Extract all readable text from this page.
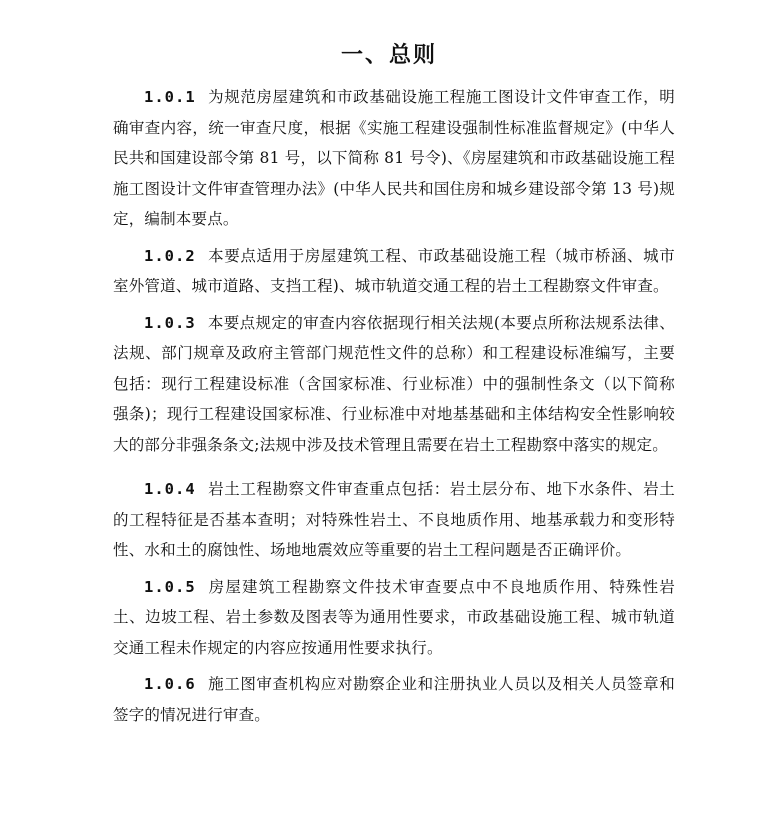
一、总则

1.0.1 为规范房屋建筑和市政基础设施工程施工图设计文件审查工作，明确审查内容，统一审查尺度，根据《实施工程建设强制性标准监督规定》(中华人民共和国建设部令第 81 号，以下简称 81 号令)、《房屋建筑和市政基础设施工程施工图设计文件审查管理办法》(中华人民共和国住房和城乡建设部令第 13 号)规定，编制本要点。

1.0.2 本要点适用于房屋建筑工程、市政基础设施工程（城市桥涵、城市室外管道、城市道路、支挡工程)、城市轨道交通工程的岩土工程勘察文件审查。

1.0.3 本要点规定的审查内容依据现行相关法规(本要点所称法规系法律、法规、部门规章及政府主管部门规范性文件的总称）和工程建设标准编写，主要包括：现行工程建设标准（含国家标准、行业标准）中的强制性条文（以下简称强条)；现行工程建设国家标准、行业标准中对地基基础和主体结构安全性影响较大的部分非强条条文;法规中涉及技术管理且需要在岩土工程勘察中落实的规定。

1.0.4 岩土工程勘察文件审查重点包括：岩土层分布、地下水条件、岩土的工程特征是否基本查明；对特殊性岩土、不良地质作用、地基承载力和变形特性、水和土的腐蚀性、场地地震效应等重要的岩土工程问题是否正确评价。

1.0.5 房屋建筑工程勘察文件技术审查要点中不良地质作用、特殊性岩土、边坡工程、岩土参数及图表等为通用性要求，市政基础设施工程、城市轨道交通工程未作规定的内容应按通用性要求执行。

1.0.6 施工图审查机构应对勘察企业和注册执业人员以及相关人员签章和签字的情况进行审查。
